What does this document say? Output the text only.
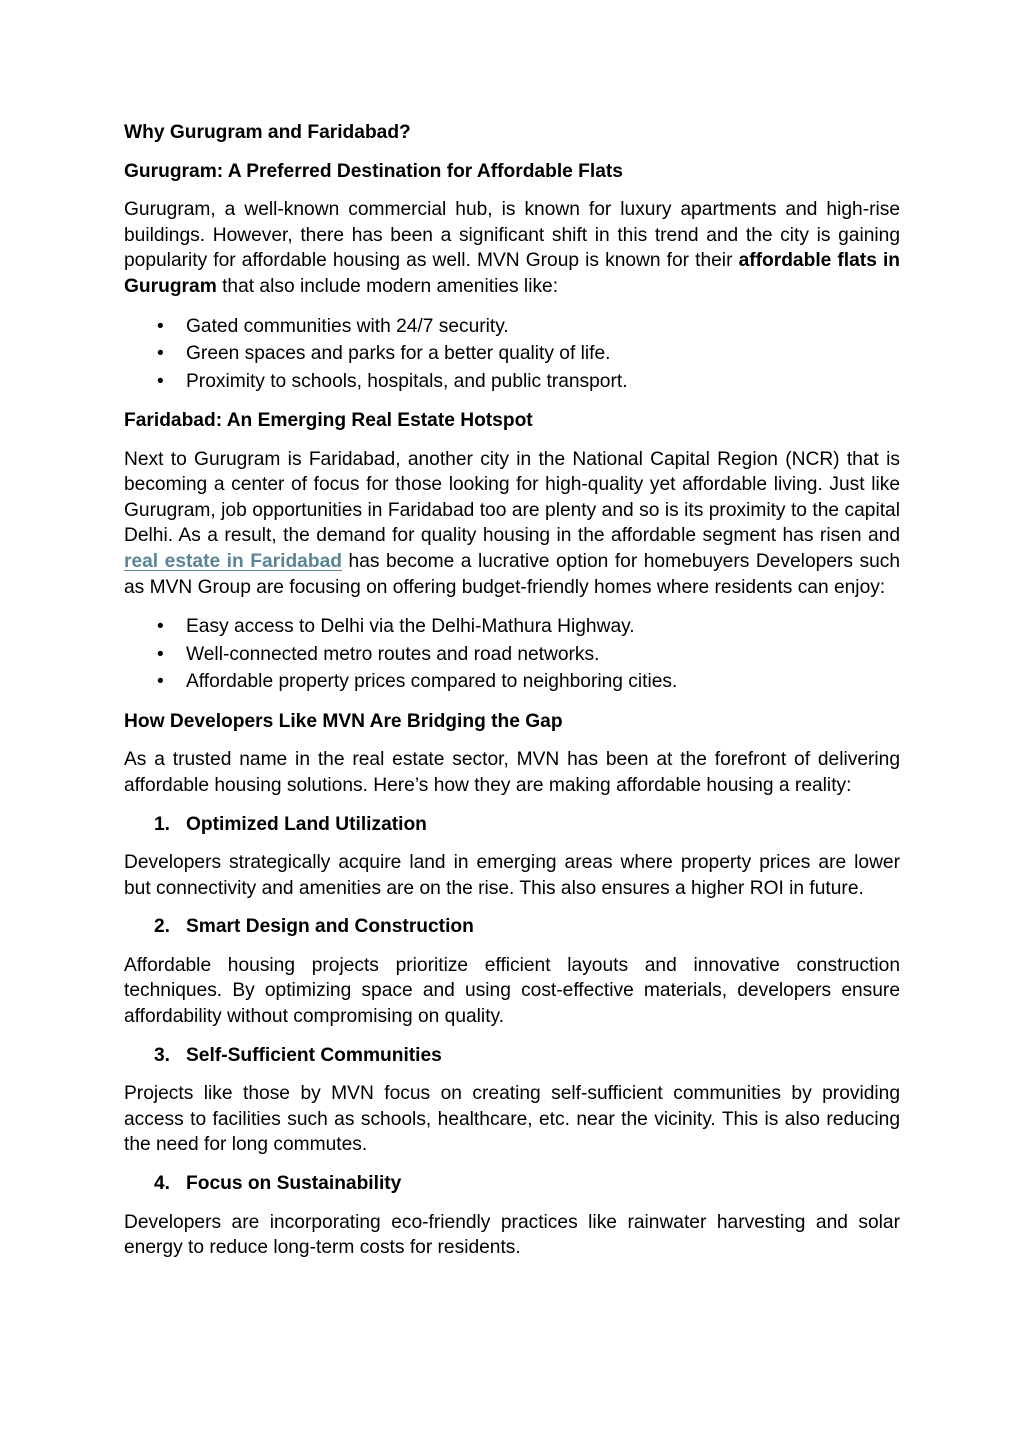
Why Gurugram and Faridabad?

Gurugram: A Preferred Destination for Affordable Flats

Gurugram, a well-known commercial hub, is known for luxury apartments and high-rise buildings. However, there has been a significant shift in this trend and the city is gaining popularity for affordable housing as well. MVN Group is known for their affordable flats in Gurugram that also include modern amenities like:

• Gated communities with 24/7 security.
• Green spaces and parks for a better quality of life.
• Proximity to schools, hospitals, and public transport.

Faridabad: An Emerging Real Estate Hotspot

Next to Gurugram is Faridabad, another city in the National Capital Region (NCR) that is becoming a center of focus for those looking for high-quality yet affordable living. Just like Gurugram, job opportunities in Faridabad too are plenty and so is its proximity to the capital Delhi. As a result, the demand for quality housing in the affordable segment has risen and real estate in Faridabad has become a lucrative option for homebuyers Developers such as MVN Group are focusing on offering budget-friendly homes where residents can enjoy:

• Easy access to Delhi via the Delhi-Mathura Highway.
• Well-connected metro routes and road networks.
• Affordable property prices compared to neighboring cities.

How Developers Like MVN Are Bridging the Gap

As a trusted name in the real estate sector, MVN has been at the forefront of delivering affordable housing solutions. Here’s how they are making affordable housing a reality:

1. Optimized Land Utilization

Developers strategically acquire land in emerging areas where property prices are lower but connectivity and amenities are on the rise. This also ensures a higher ROI in future.

2. Smart Design and Construction

Affordable housing projects prioritize efficient layouts and innovative construction techniques. By optimizing space and using cost-effective materials, developers ensure affordability without compromising on quality.

3. Self-Sufficient Communities

Projects like those by MVN focus on creating self-sufficient communities by providing access to facilities such as schools, healthcare, etc. near the vicinity. This is also reducing the need for long commutes.

4. Focus on Sustainability

Developers are incorporating eco-friendly practices like rainwater harvesting and solar energy to reduce long-term costs for residents.
